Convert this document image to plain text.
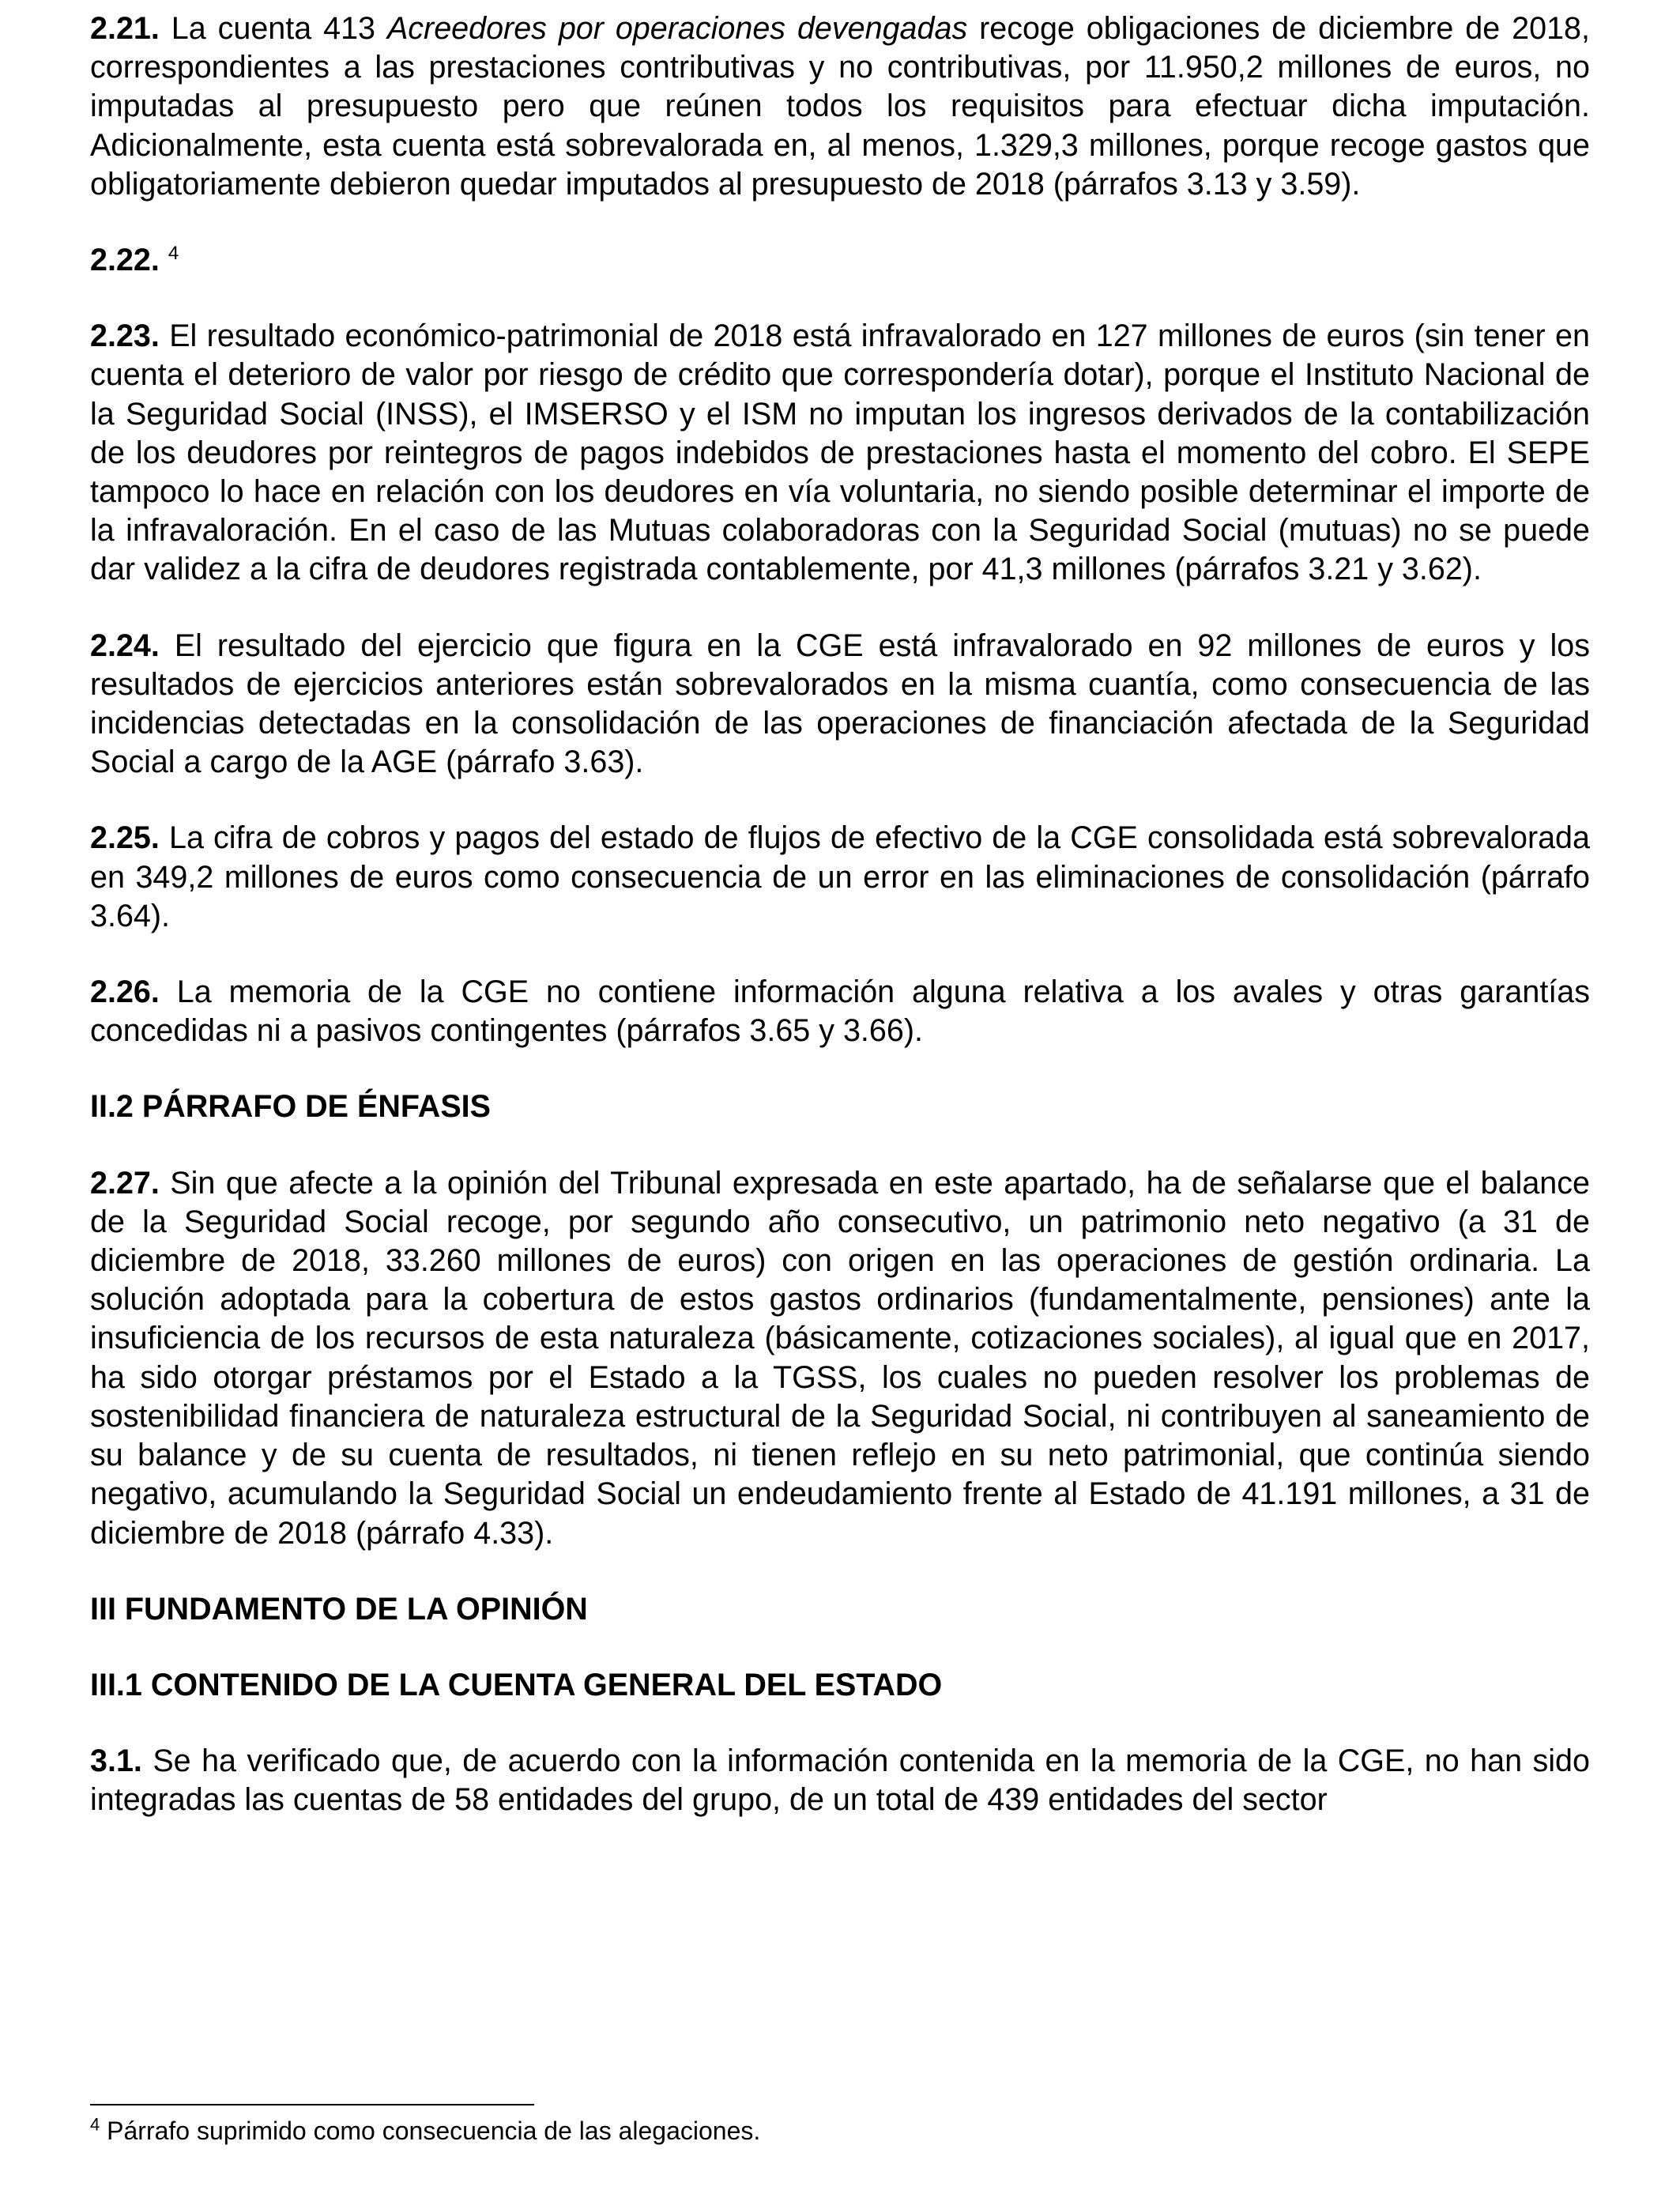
2.21. La cuenta 413 Acreedores por operaciones devengadas recoge obligaciones de diciembre de 2018, correspondientes a las prestaciones contributivas y no contributivas, por 11.950,2 millones de euros, no imputadas al presupuesto pero que reúnen todos los requisitos para efectuar dicha imputación. Adicionalmente, esta cuenta está sobrevalorada en, al menos, 1.329,3 millones, porque recoge gastos que obligatoriamente debieron quedar imputados al presupuesto de 2018 (párrafos 3.13 y 3.59).

2.22. $^4$

2.23. El resultado económico-patrimonial de 2018 está infravalorado en 127 millones de euros (sin tener en cuenta el deterioro de valor por riesgo de crédito que correspondería dotar), porque el Instituto Nacional de la Seguridad Social (INSS), el IMSERSO y el ISM no imputan los ingresos derivados de la contabilización de los deudores por reintegros de pagos indebidos de prestaciones hasta el momento del cobro. El SEPE tampoco lo hace en relación con los deudores en vía voluntaria, no siendo posible determinar el importe de la infravaloración. En el caso de las Mutuas colaboradoras con la Seguridad Social (mutuas) no se puede dar validez a la cifra de deudores registrada contablemente, por 41,3 millones (párrafos 3.21 y 3.62).

2.24. El resultado del ejercicio que figura en la CGE está infravalorado en 92 millones de euros y los resultados de ejercicios anteriores están sobrevalorados en la misma cuantía, como consecuencia de las incidencias detectadas en la consolidación de las operaciones de financiación afectada de la Seguridad Social a cargo de la AGE (párrafo 3.63).

2.25. La cifra de cobros y pagos del estado de flujos de efectivo de la CGE consolidada está sobrevalorada en 349,2 millones de euros como consecuencia de un error en las eliminaciones de consolidación (párrafo 3.64).

2.26. La memoria de la CGE no contiene información alguna relativa a los avales y otras garantías concedidas ni a pasivos contingentes (párrafos 3.65 y 3.66).

II.2 PÁRRAFO DE ÉNFASIS

2.27. Sin que afecte a la opinión del Tribunal expresada en este apartado, ha de señalarse que el balance de la Seguridad Social recoge, por segundo año consecutivo, un patrimonio neto negativo (a 31 de diciembre de 2018, 33.260 millones de euros) con origen en las operaciones de gestión ordinaria. La solución adoptada para la cobertura de estos gastos ordinarios (fundamentalmente, pensiones) ante la insuficiencia de los recursos de esta naturaleza (básicamente, cotizaciones sociales), al igual que en 2017, ha sido otorgar préstamos por el Estado a la TGSS, los cuales no pueden resolver los problemas de sostenibilidad financiera de naturaleza estructural de la Seguridad Social, ni contribuyen al saneamiento de su balance y de su cuenta de resultados, ni tienen reflejo en su neto patrimonial, que continúa siendo negativo, acumulando la Seguridad Social un endeudamiento frente al Estado de 41.191 millones, a 31 de diciembre de 2018 (párrafo 4.33).

III FUNDAMENTO DE LA OPINIÓN
III.1 CONTENIDO DE LA CUENTA GENERAL DEL ESTADO

3.1. Se ha verificado que, de acuerdo con la información contenida en la memoria de la CGE, no han sido integradas las cuentas de 58 entidades del grupo, de un total de 439 entidades del sector

$^4$ Párrafo suprimido como consecuencia de las alegaciones.
